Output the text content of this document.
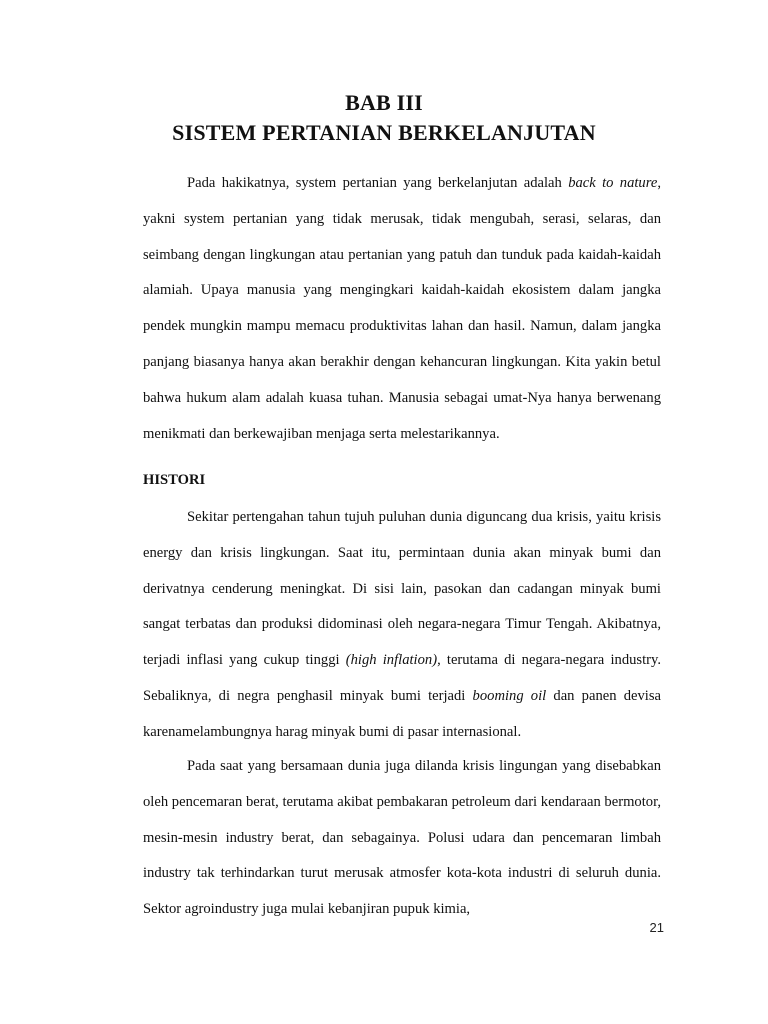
BAB III
SISTEM PERTANIAN BERKELANJUTAN

Pada hakikatnya, system pertanian yang berkelanjutan adalah back to nature, yakni system pertanian yang tidak merusak, tidak mengubah, serasi, selaras, dan seimbang dengan lingkungan atau pertanian yang patuh dan tunduk pada kaidah-kaidah alamiah. Upaya manusia yang mengingkari kaidah-kaidah ekosistem dalam jangka pendek mungkin mampu memacu produktivitas lahan dan hasil. Namun, dalam jangka panjang biasanya hanya akan berakhir dengan kehancuran lingkungan. Kita yakin betul bahwa hukum alam adalah kuasa tuhan. Manusia sebagai umat-Nya hanya berwenang menikmati dan berkewajiban menjaga serta melestarikannya.

HISTORI

Sekitar pertengahan tahun tujuh puluhan dunia diguncang dua krisis, yaitu krisis energy dan krisis lingkungan. Saat itu, permintaan dunia akan minyak bumi dan derivatnya cenderung meningkat. Di sisi lain, pasokan dan cadangan minyak bumi sangat terbatas dan produksi didominasi oleh negara-negara Timur Tengah. Akibatnya, terjadi inflasi yang cukup tinggi (high inflation), terutama di negara-negara industry. Sebaliknya, di negra penghasil minyak bumi terjadi booming oil dan panen devisa karenamelambungnya harag minyak bumi di pasar internasional.

Pada saat yang bersamaan dunia juga dilanda krisis lingungan yang disebabkan oleh pencemaran berat, terutama akibat pembakaran petroleum dari kendaraan bermotor, mesin-mesin industry berat, dan sebagainya. Polusi udara dan pencemaran limbah industry tak terhindarkan turut merusak atmosfer kota-kota industri di seluruh dunia. Sektor agroindustry juga mulai kebanjiran pupuk kimia,

21
